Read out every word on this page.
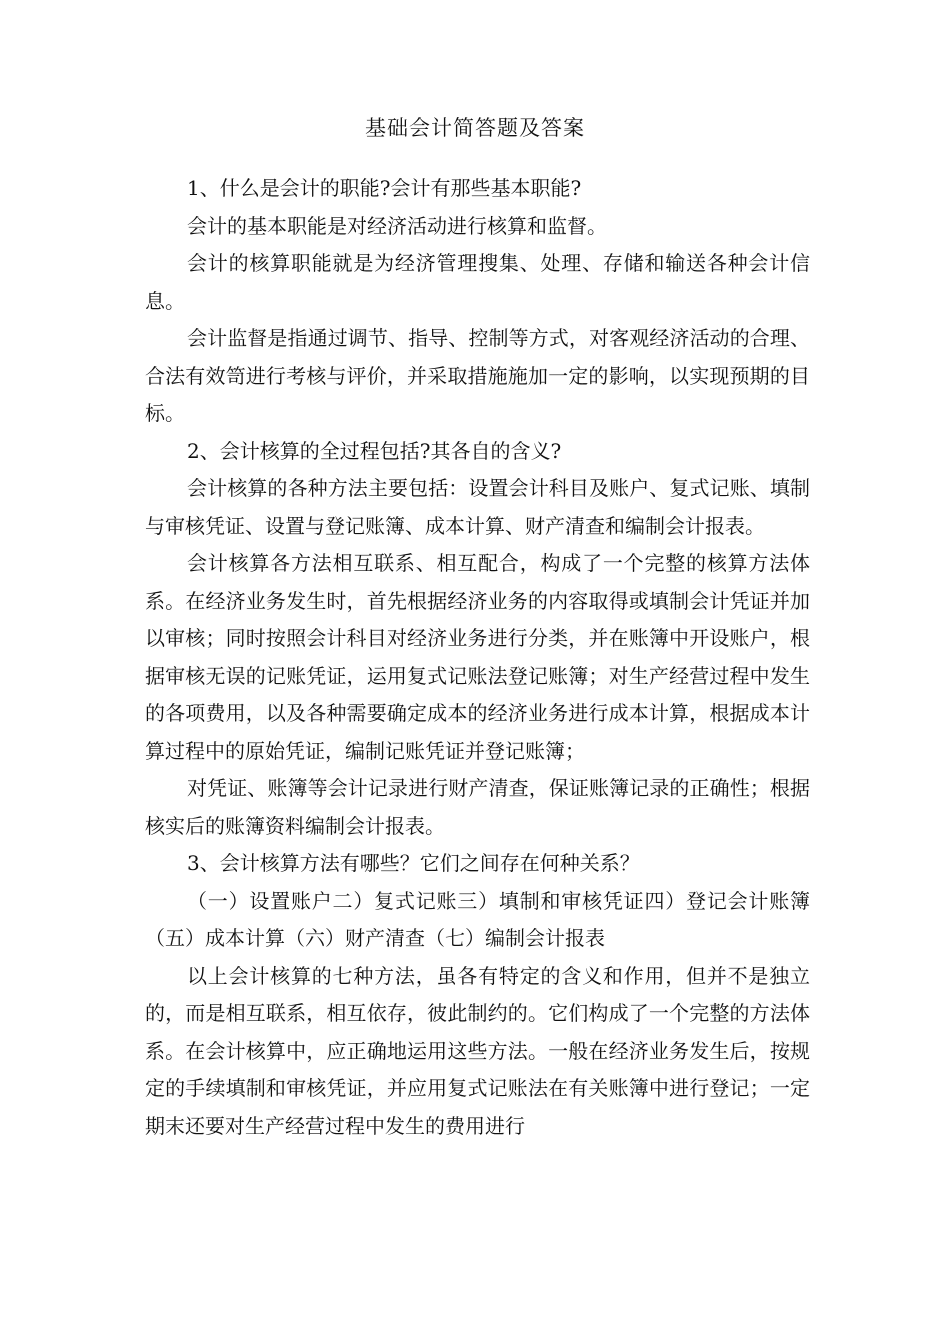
基础会计简答题及答案

1、什么是会计的职能?会计有那些基本职能?

会计的基本职能是对经济活动进行核算和监督。

会计的核算职能就是为经济管理搜集、处理、存储和输送各种会计信息。

会计监督是指通过调节、指导、控制等方式，对客观经济活动的合理、合法有效笥进行考核与评价，并采取措施施加一定的影响，以实现预期的目标。

2、会计核算的全过程包括?其各自的含义?

会计核算的各种方法主要包括：设置会计科目及账户、复式记账、填制与审核凭证、设置与登记账簿、成本计算、财产清查和编制会计报表。

会计核算各方法相互联系、相互配合，构成了一个完整的核算方法体系。在经济业务发生时，首先根据经济业务的内容取得或填制会计凭证并加以审核；同时按照会计科目对经济业务进行分类，并在账簿中开设账户，根据审核无误的记账凭证，运用复式记账法登记账簿；对生产经营过程中发生的各项费用，以及各种需要确定成本的经济业务进行成本计算，根据成本计算过程中的原始凭证，编制记账凭证并登记账簿；

对凭证、账簿等会计记录进行财产清查，保证账簿记录的正确性；根据核实后的账簿资料编制会计报表。

3、会计核算方法有哪些？它们之间存在何种关系？

（一）设置账户二）复式记账三）填制和审核凭证四）登记会计账簿（五）成本计算（六）财产清查（七）编制会计报表

以上会计核算的七种方法，虽各有特定的含义和作用，但并不是独立的，而是相互联系，相互依存，彼此制约的。它们构成了一个完整的方法体系。在会计核算中，应正确地运用这些方法。一般在经济业务发生后，按规定的手续填制和审核凭证，并应用复式记账法在有关账簿中进行登记；一定期末还要对生产经营过程中发生的费用进行
